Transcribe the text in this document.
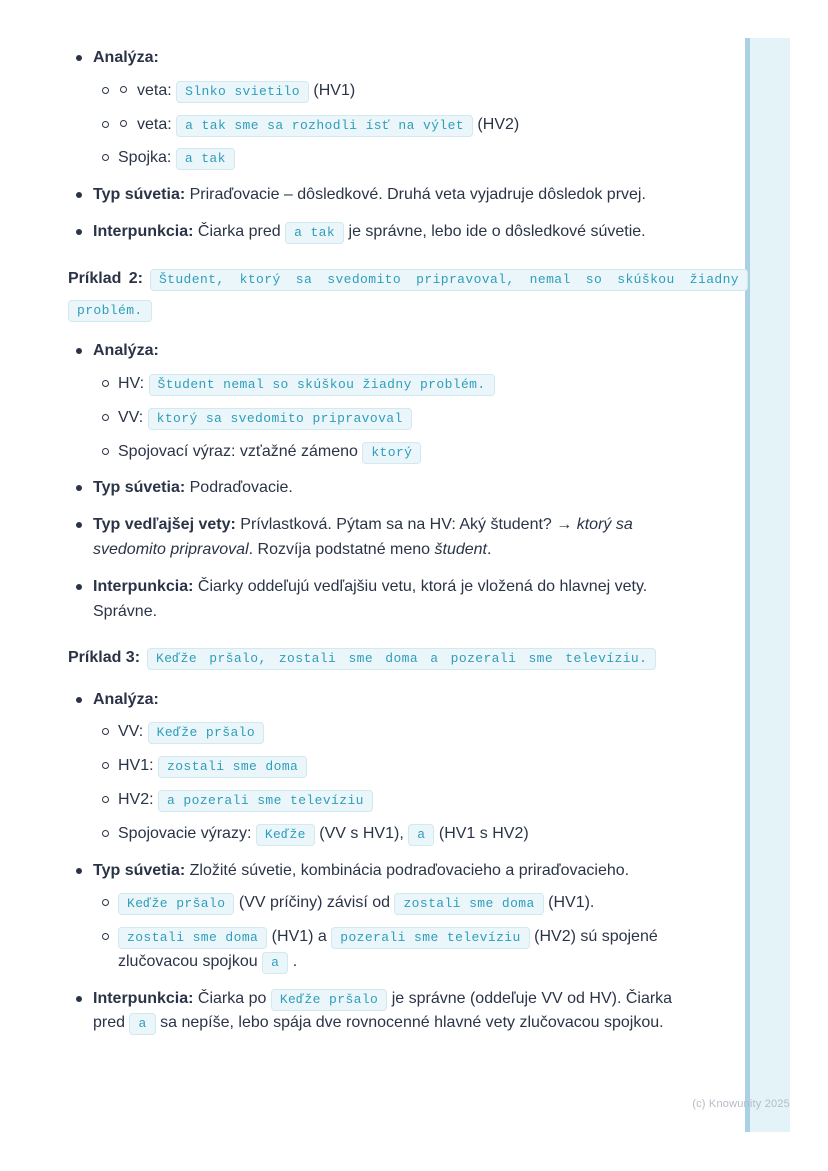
Analýza:
veta: Slnko svietilo (HV1)
veta: a tak sme sa rozhodli ísť na výlet (HV2)
Spojka: a tak
Typ súvetia: Priraďovacie – dôsledkové. Druhá veta vyjadruje dôsledok prvej.
Interpunkcia: Čiarka pred a tak je správne, lebo ide o dôsledkové súvetie.

Príklad 2: Študent, ktorý sa svedomito pripravoval, nemal so skúškou žiadny problém.

Analýza:
HV: Študent nemal so skúškou žiadny problém.
VV: ktorý sa svedomito pripravoval
Spojovací výraz: vzťažné zámeno ktorý
Typ súvetia: Podraďovacie.
Typ vedľajšej vety: Prívlastková. Pýtam sa na HV: Aký študent? → ktorý sa svedomito pripravoval. Rozvíja podstatné meno študent.
Interpunkcia: Čiarky oddeľujú vedľajšiu vetu, ktorá je vložená do hlavnej vety. Správne.

Príklad 3: Keďže pršalo, zostali sme doma a pozerali sme televíziu.

Analýza:
VV: Keďže pršalo
HV1: zostali sme doma
HV2: a pozerali sme televíziu
Spojovacie výrazy: Keďže (VV s HV1), a (HV1 s HV2)
Typ súvetia: Zložité súvetie, kombinácia podraďovacieho a priraďovacieho.
Keďže pršalo (VV príčiny) závisí od zostali sme doma (HV1).
zostali sme doma (HV1) a pozerali sme televíziu (HV2) sú spojené zlučovacou spojkou a .
Interpunkcia: Čiarka po Keďže pršalo je správne (oddeľuje VV od HV). Čiarka pred a sa nepíše, lebo spája dve rovnocenné hlavné vety zlučovacou spojkou.
(c) Knowunity 2025
